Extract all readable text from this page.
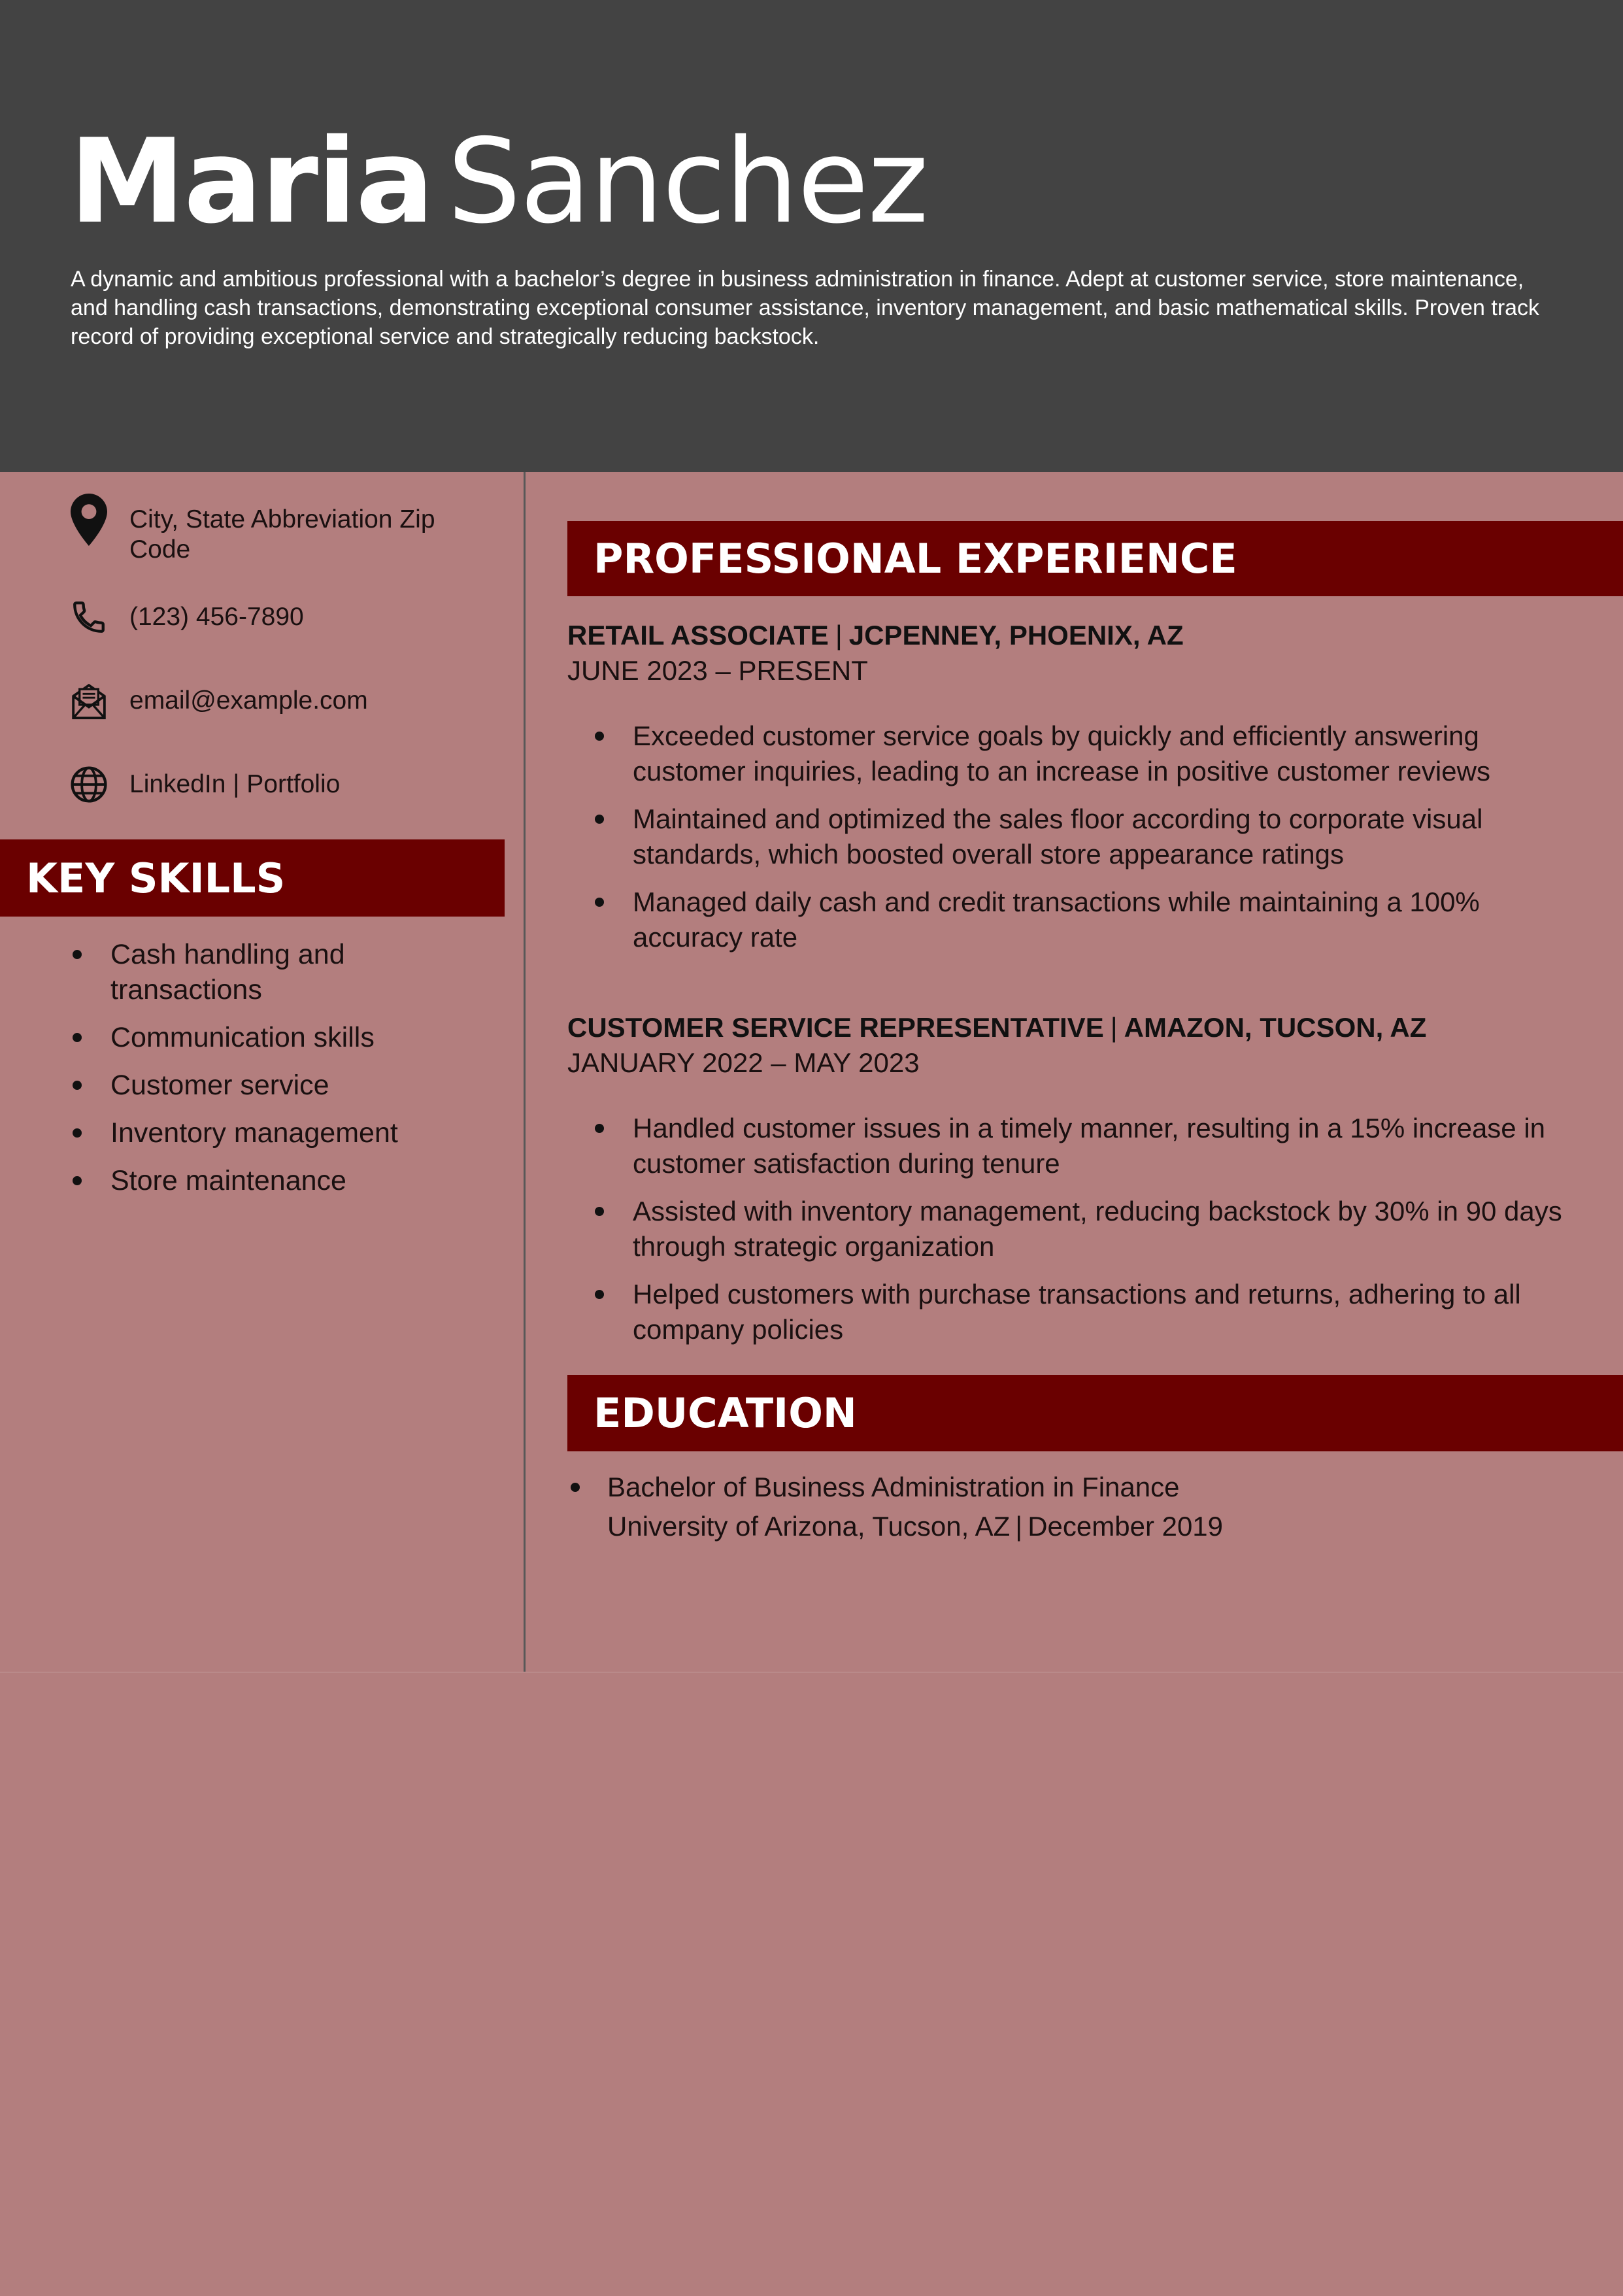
Maria Sanchez
A dynamic and ambitious professional with a bachelor’s degree in business administration in finance. Adept at customer service, store maintenance, and handling cash transactions, demonstrating exceptional consumer assistance, inventory management, and basic mathematical skills. Proven track record of providing exceptional service and strategically reducing backstock.
City, State Abbreviation Zip Code
(123) 456-7890
email@example.com
LinkedIn | Portfolio
KEY SKILLS
Cash handling and transactions
Communication skills
Customer service
Inventory management
Store maintenance
PROFESSIONAL EXPERIENCE
RETAIL ASSOCIATE | JCPENNEY, PHOENIX, AZ
JUNE 2023 – PRESENT
Exceeded customer service goals by quickly and efficiently answering customer inquiries, leading to an increase in positive customer reviews
Maintained and optimized the sales floor according to corporate visual standards, which boosted overall store appearance ratings
Managed daily cash and credit transactions while maintaining a 100% accuracy rate
CUSTOMER SERVICE REPRESENTATIVE | AMAZON, TUCSON, AZ
JANUARY 2022 – MAY 2023
Handled customer issues in a timely manner, resulting in a 15% increase in customer satisfaction during tenure
Assisted with inventory management, reducing backstock by 30% in 90 days through strategic organization
Helped customers with purchase transactions and returns, adhering to all company policies
EDUCATION
Bachelor of Business Administration in Finance
University of Arizona, Tucson, AZ | December 2019
